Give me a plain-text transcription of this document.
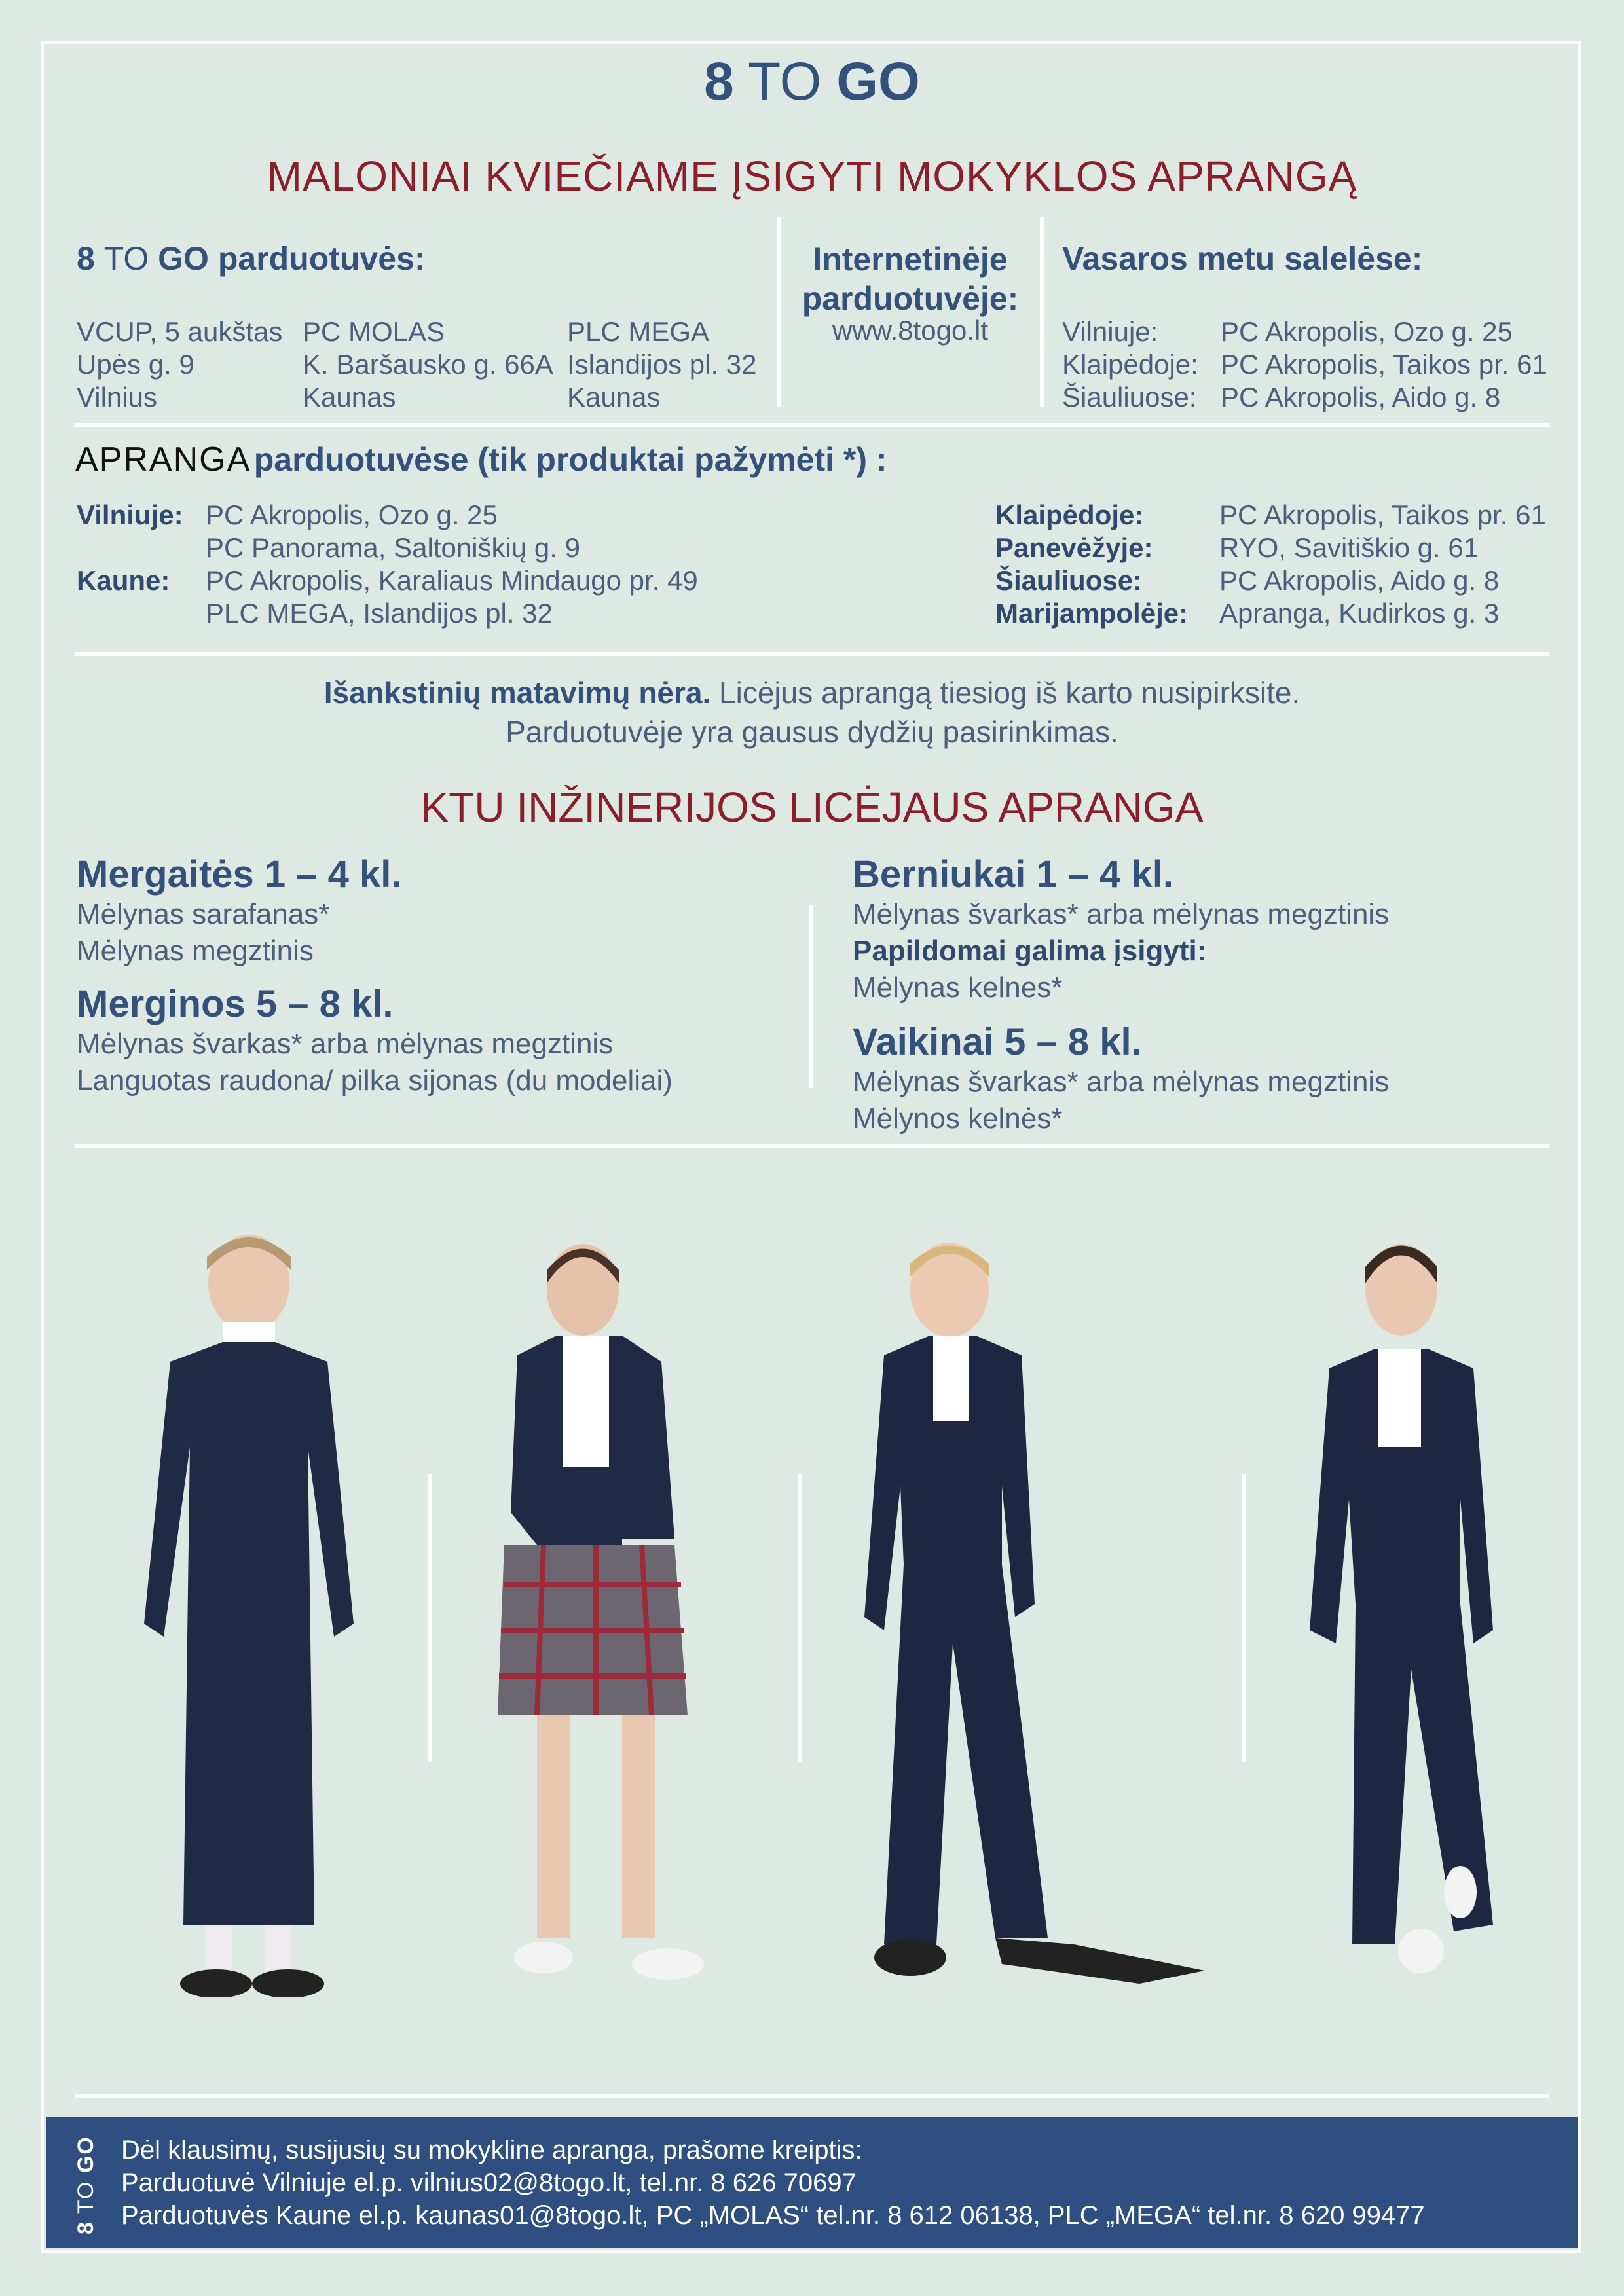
8 TO GO
MALONIAI KVIEČIAME ĮSIGYTI MOKYKLOS APRANGĄ
8 TO GO parduotuvės:
VCUP, 5 aukštas
Upės g. 9
Vilnius
PC MOLAS
K. Baršausko g. 66A
Kaunas
PLC MEGA
Islandijos pl. 32
Kaunas
Internetinėje
parduotuvėje:
www.8togo.lt
Vasaros metu salelėse:
Vilniuje:
Klaipėdoje:
Šiauliuose:
PC Akropolis, Ozo g. 25
PC Akropolis, Taikos pr. 61
PC Akropolis, Aido g. 8
APRANGA parduotuvėse (tik produktai pažymėti *) :
Vilniuje:

Kaune:
PC Akropolis, Ozo g. 25
PC Panorama, Saltoniškių g. 9
PC Akropolis, Karaliaus Mindaugo pr. 49
PLC MEGA, Islandijos pl. 32
Klaipėdoje:
Panevėžyje:
Šiauliuose:
Marijampolėje:
PC Akropolis, Taikos pr. 61
RYO, Savitiškio g. 61
PC Akropolis, Aido g. 8
Apranga, Kudirkos g. 3
Išankstinių matavimų nėra. Licėjus aprangą tiesiog iš karto nusipirksite.
Parduotuvėje yra gausus dydžių pasirinkimas.
KTU INŽINERIJOS LICĖJAUS APRANGA
Mergaitės 1 – 4 kl.
Mėlynas sarafanas*
Mėlynas megztinis
Merginos 5 – 8 kl.
Mėlynas švarkas* arba mėlynas megztinis
Languotas raudona/ pilka sijonas (du modeliai)
Berniukai 1 – 4 kl.
Mėlynas švarkas* arba mėlynas megztinis
Papildomai galima įsigyti:
Mėlynas kelnes*
Vaikinai 5 – 8 kl.
Mėlynas švarkas* arba mėlynas megztinis
Mėlynos kelnės*
8 TO GO Dėl klausimų, susijusių su mokykline apranga, prašome kreiptis:
Parduotuvė Vilniuje el.p. vilnius02@8togo.lt, tel.nr. 8 626 70697
Parduotuvės Kaune el.p. kaunas01@8togo.lt, PC „MOLAS“ tel.nr. 8 612 06138, PLC „MEGA“ tel.nr. 8 620 99477
